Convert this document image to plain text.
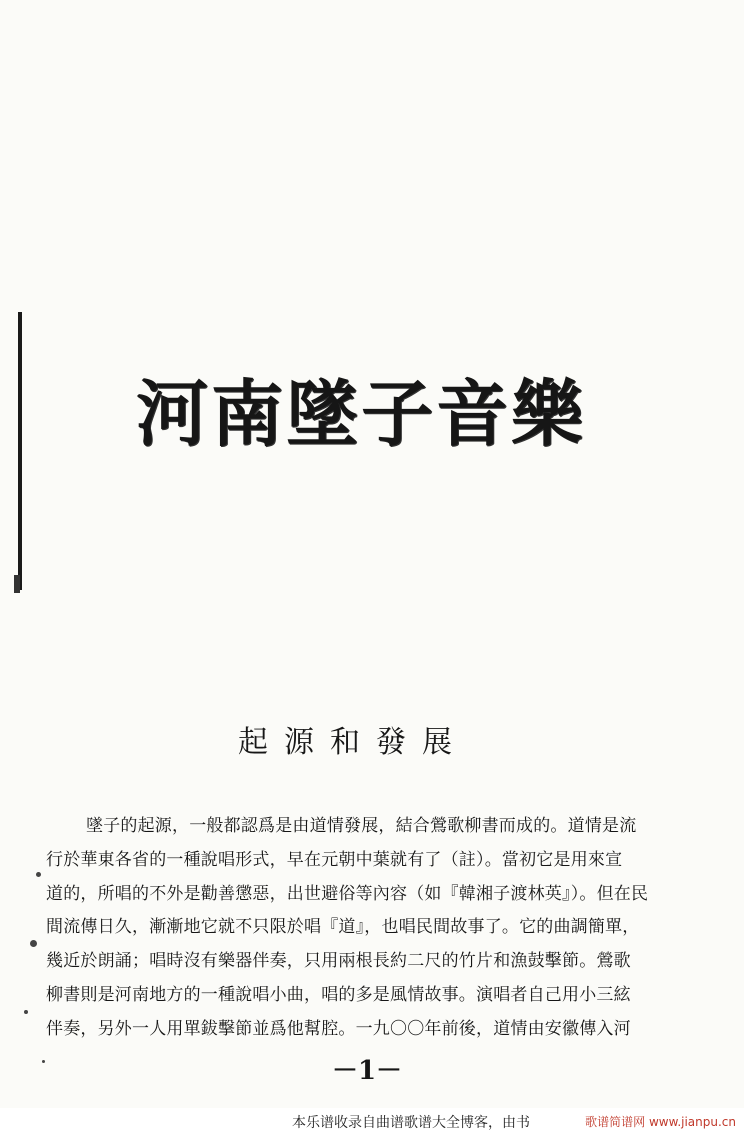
河南墜子音樂
起源和發展
墜子的起源，一般都認爲是由道情發展，結合鶯歌柳書而成的。道情是流
行於華東各省的一種說唱形式，早在元朝中葉就有了（註）。當初它是用來宣
道的，所唱的不外是勸善懲惡，出世避俗等內容（如『韓湘子渡林英』）。但在民
間流傳日久，漸漸地它就不只限於唱『道』，也唱民間故事了。它的曲調簡單，
幾近於朗誦；唱時沒有樂器伴奏，只用兩根長約二尺的竹片和漁鼓擊節。鶯歌
柳書則是河南地方的一種說唱小曲，唱的多是風情故事。演唱者自己用小三絃
伴奏，另外一人用單鈸擊節並爲他幫腔。一九〇〇年前後，道情由安徽傳入河
－1－
本乐谱收录自曲谱歌谱大全博客，由书	歌谱简谱网 www.jianpu.cn
